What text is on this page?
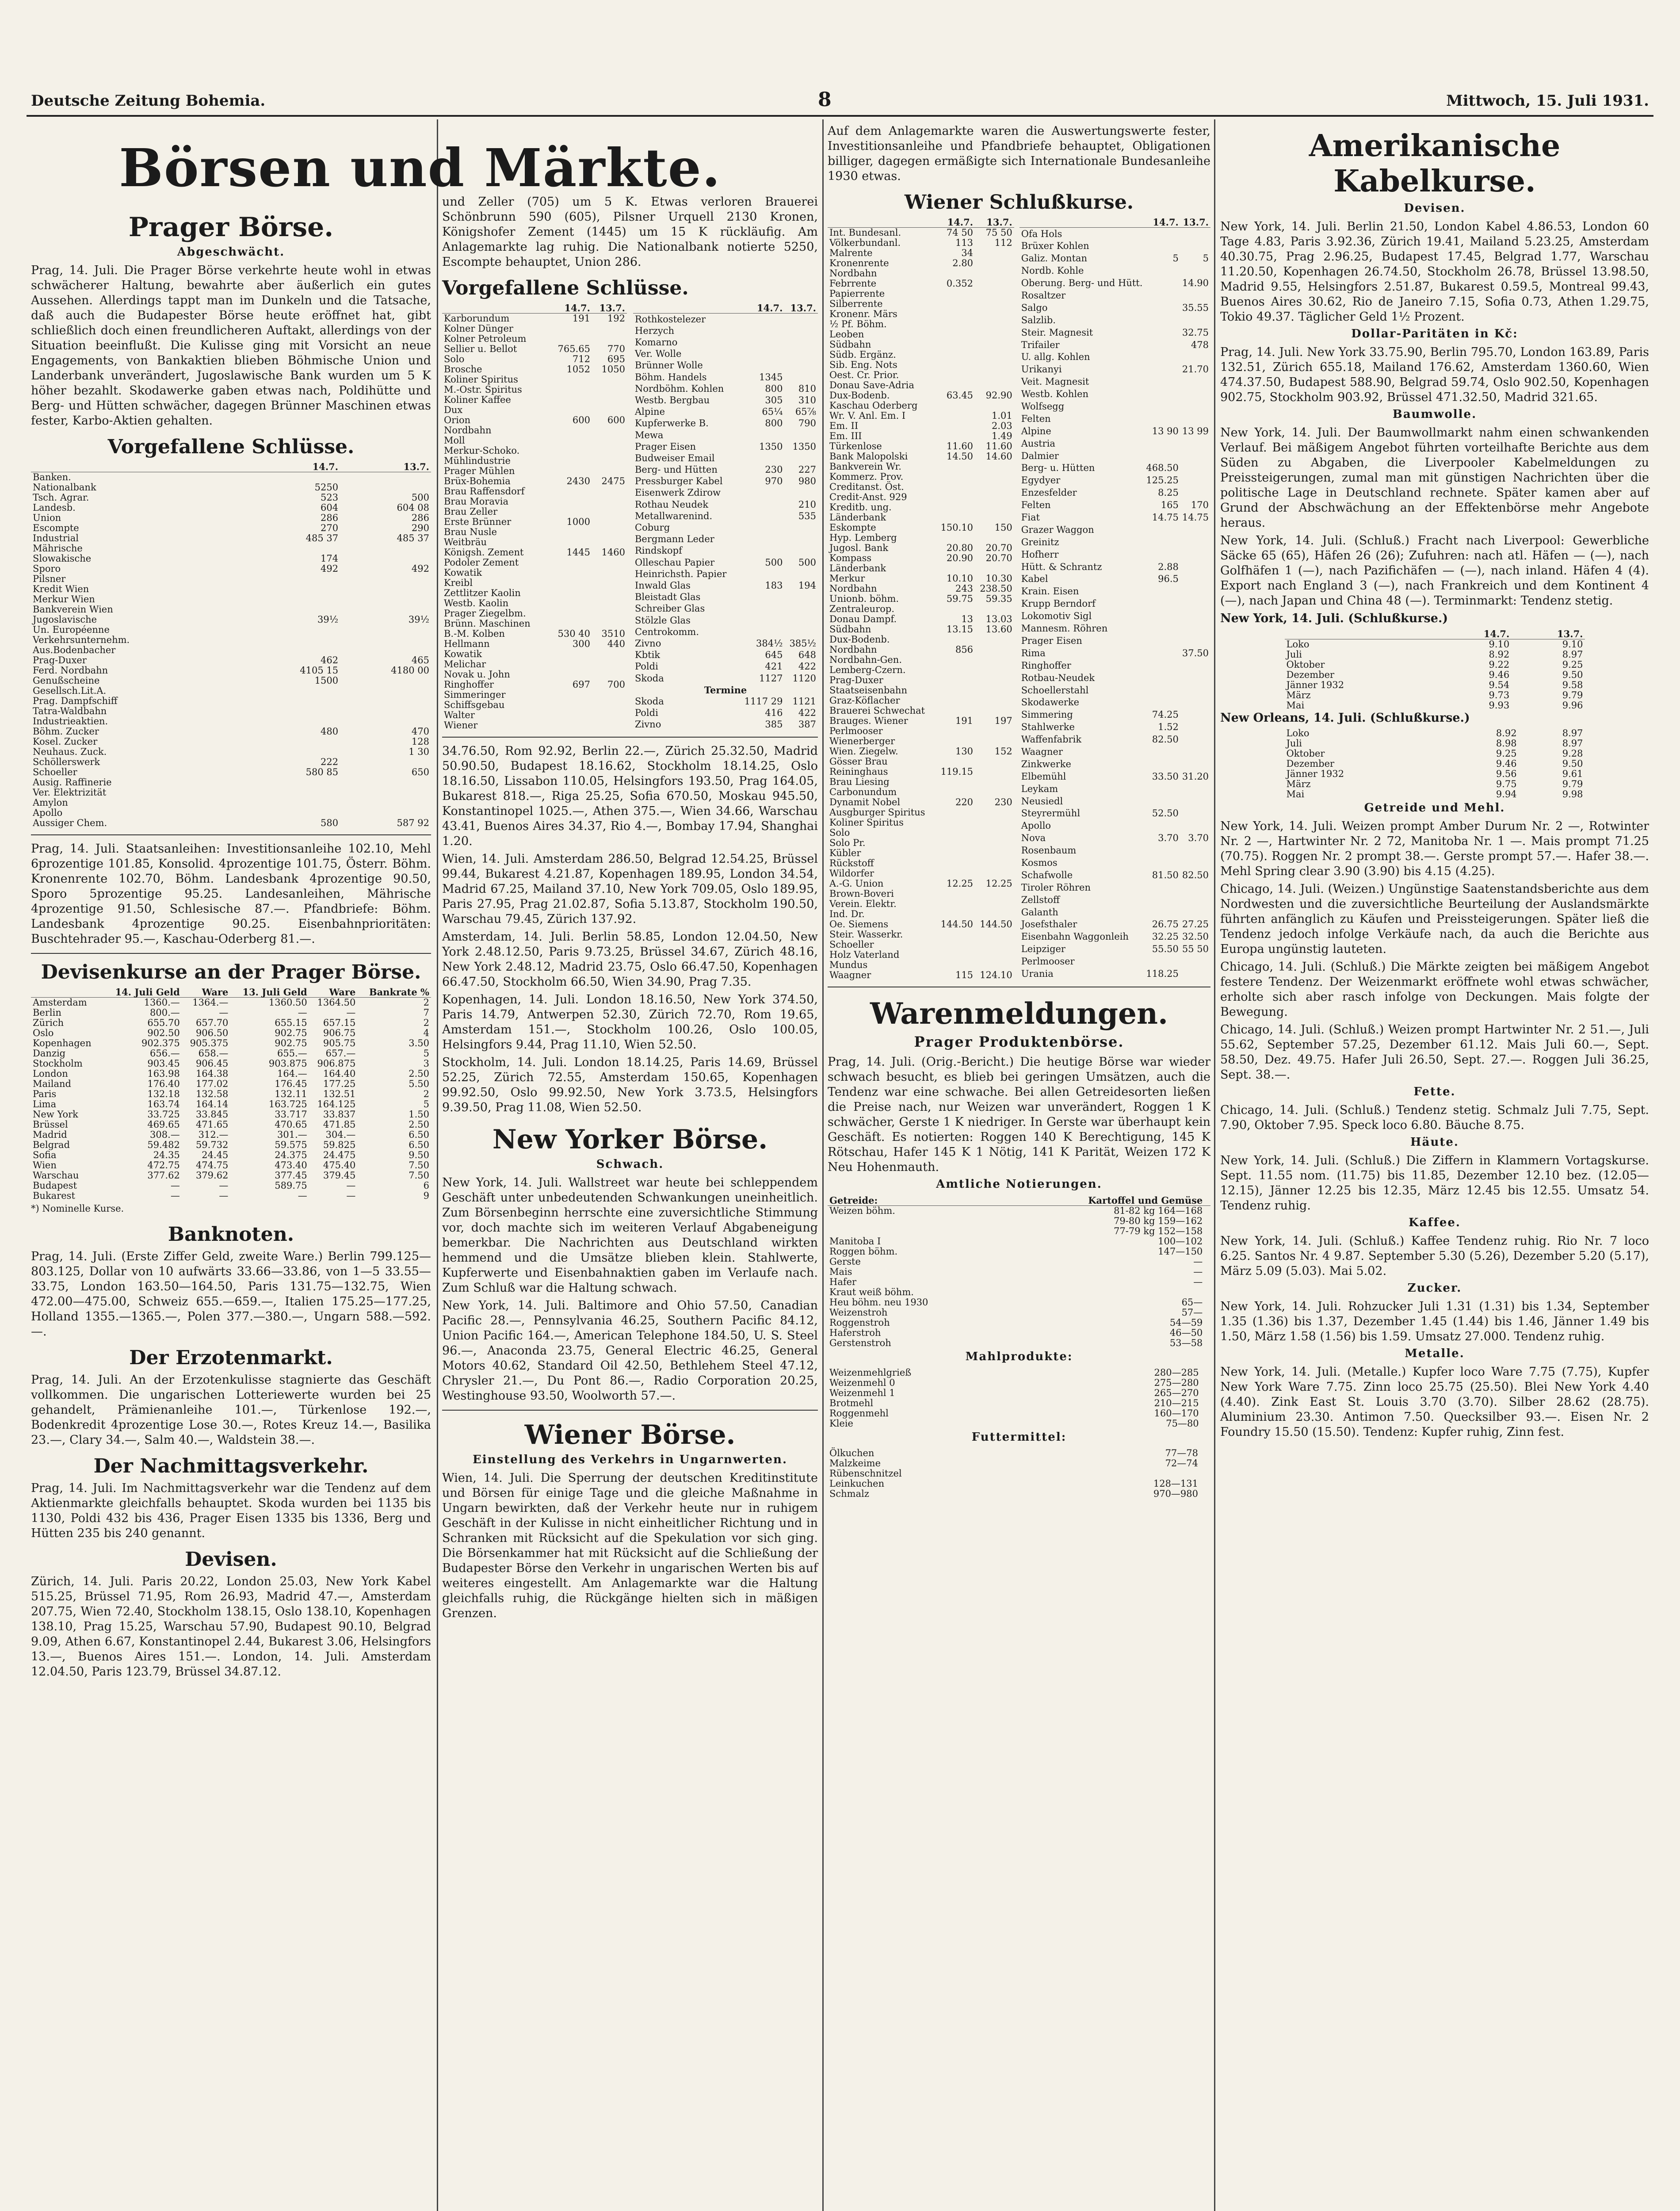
Deutsche Zeitung Bohemia.	8	Mittwoch, 15. Juli 1931.
Börsen und Märkte.
Prager Börse.
Abgeschwächt.
Prag, 14. Juli. Die Prager Börse verkehrte heute wohl in etwas schwächerer Haltung, bewahrte aber äußerlich ein gutes Aussehen. Allerdings tappt man im Dunkeln und die Tatsache, daß auch die Budapester Börse heute eröffnet hat, gibt schließlich doch einen freundlicheren Auftakt, allerdings von der Situation beeinflußt. Die Kulisse ging mit Vorsicht an neue Engagements, von Bankaktien blieben Böhmische Union und Landerbank unverändert, Jugoslawische Bank wurden um 5 K höher bezahlt. Skodawerke gaben etwas nach, Poldihütte und Berg- und Hütten schwächer, dagegen Brünner Maschinen etwas fester, Karbo-Aktien gehalten.
Vorgefallene Schlüsse.
	14.7.	13.7.
Banken.		
Nationalbank	5250	
Tsch. Agrar.	523	500
Landesb.	604	604 08
Union	286	286
Escompte	270	290
Industrial	485 37	485 37
Mährische		
Slowakische	174	
Sporo	492	492
Pilsner		
Kredit Wien		
Merkur Wien		
Bankverein Wien		
Jugoslavische	39½	39½
Un. Européenne		
Verkehrsunternehm.		
Aus.Bodenbacher		
Prag-Duxer	462	465
Ferd. Nordbahn	4105 15	4180 00
Genußscheine	1500	
Gesellsch.Lit.A.		
Prag. Dampfschiff		
Tatra-Waldbahn		
Industrieaktien.		
Böhm. Zucker	480	470
Kosel. Zucker		128
Neuhaus. Zuck.		1 30
Schöllerswerk	222	
Schoeller	580 85	650
Ausig. Raffinerie		
Ver. Elektrizität		
Amylon		
Apollo		
Aussiger Chem.	580	587 92
Prag, 14. Juli. Staatsanleihen: Investitionsanleihe 102.10, Mehl 6prozentige 101.85, Konsolid. 4prozentige 101.75, Österr. Böhm. Kronenrente 102.70, Böhm. Landesbank 4prozentige 90.50, Sporo 5prozentige 95.25. Landesanleihen, Mährische 4prozentige 91.50, Schlesische 87.—. Pfandbriefe: Böhm. Landesbank 4prozentige 90.25. Eisenbahnprioritäten: Buschtehrader 95.—, Kaschau-Oderberg 81.—.
Devisenkurse an der Prager Börse.
	14. Juli Geld	Ware	13. Juli Geld	Ware	Bankrate %
Amsterdam	1360.—	1364.—	1360.50	1364.50	2
Berlin	800.—	—	—	—	7
Zürich	655.70	657.70	655.15	657.15	2
Oslo	902.50	906.50	902.75	906.75	4
Kopenhagen	902.375	905.375	902.75	905.75	3.50
Danzig	656.—	658.—	655.—	657.—	5
Stockholm	903.45	906.45	903.875	906.875	3
London	163.98	164.38	164.—	164.40	2.50
Mailand	176.40	177.02	176.45	177.25	5.50
Paris	132.18	132.58	132.11	132.51	2
Lima	163.74	164.14	163.725	164.125	5
New York	33.725	33.845	33.717	33.837	1.50
Brüssel	469.65	471.65	470.65	471.85	2.50
Madrid	308.—	312.—	301.—	304.—	6.50
Belgrad	59.482	59.732	59.575	59.825	6.50
Sofia	24.35	24.45	24.375	24.475	9.50
Wien	472.75	474.75	473.40	475.40	7.50
Warschau	377.62	379.62	377.45	379.45	7.50
Budapest	—	—	589.75	—	6
Bukarest	—	—	—	—	9
*) Nominelle Kurse.
Banknoten.
Prag, 14. Juli. (Erste Ziffer Geld, zweite Ware.) Berlin 799.125—803.125, Dollar von 10 aufwärts 33.66—33.86, von 1—5 33.55—33.75, London 163.50—164.50, Paris 131.75—132.75, Wien 472.00—475.00, Schweiz 655.—659.—, Italien 175.25—177.25, Holland 1355.—1365.—, Polen 377.—380.—, Ungarn 588.—592.—.
Der Erzotenmarkt.
Prag, 14. Juli. An der Erzotenkulisse stagnierte das Geschäft vollkommen. Die ungarischen Lotteriewerte wurden bei 25 gehandelt, Prämienanleihe 101.—, Türkenlose 192.—, Bodenkredit 4prozentige Lose 30.—, Rotes Kreuz 14.—, Basilika 23.—, Clary 34.—, Salm 40.—, Waldstein 38.—.
Der Nachmittagsverkehr.
Prag, 14. Juli. Im Nachmittagsverkehr war die Tendenz auf dem Aktienmarkte gleichfalls behauptet. Skoda wurden bei 1135 bis 1130, Poldi 432 bis 436, Prager Eisen 1335 bis 1336, Berg und Hütten 235 bis 240 genannt.
Devisen.
Zürich, 14. Juli. Paris 20.22, London 25.03, New York Kabel 515.25, Brüssel 71.95, Rom 26.93, Madrid 47.—, Amsterdam 207.75, Wien 72.40, Stockholm 138.15, Oslo 138.10, Kopenhagen 138.10, Prag 15.25, Warschau 57.90, Budapest 90.10, Belgrad 9.09, Athen 6.67, Konstantinopel 2.44, Bukarest 3.06, Helsingfors 13.—, Buenos Aires 151.—. London, 14. Juli. Amsterdam 12.04.50, Paris 123.79, Brüssel 34.87.12.
und Zeller (705) um 5 K. Etwas verloren Brauerei Schönbrunn 590 (605), Pilsner Urquell 2130 Kronen, Königshofer Zement (1445) um 15 K rückläufig. Am Anlagemarkte lag ruhig. Die Nationalbank notierte 5250, Escompte behauptet, Union 286.
Vorgefallene Schlüsse.
	14.7.	13.7.
Karborundum	191	192
Kolner Dünger		
Kolner Petroleum		
Sellier u. Bellot	765.65	770
Solo	712	695
Brosche	1052	1050
Koliner Spiritus		
M.-Ostr. Spiritus		
Koliner Kaffee		
Dux		
Orion	600	600
Nordbahn		
Moll		
Merkur-Schoko.		
Mühlindustrie		
Prager Mühlen		
Brüx-Bohemia	2430	2475
Brau Raffensdorf		
Brau Moravia		
Brau Zeller		
Erste Brünner	1000	
Brau Nusle		
Weitbräu		
Königsh. Zement	1445	1460
Podoler Zement		
Kowatik		
Kreibl		
Zettlitzer Kaolin		
Westb. Kaolin		
Prager Ziegelbm.		
Brünn. Maschinen		
B.-M. Kolben	530 40	3510
Hellmann	300	440
Kowatik		
Melichar		
Novak u. John		
Ringhoffer	697	700
Simmeringer		
Schiffsgebau		
Walter		
Wiener		
	14.7.	13.7.
Rothkostelezer		
Herzych		
Komarno		
Ver. Wolle		
Brünner Wolle		
Böhm. Handels	1345	
Nordböhm. Kohlen	800	810
Westb. Bergbau	305	310
Alpine	65¼	65⅞
Kupferwerke B.	800	790
Mewa		
Prager Eisen	1350	1350
Budweiser Email		
Berg- und Hütten	230	227
Pressburger Kabel	970	980
Eisenwerk Zdirow		
Rothau Neudek		210
Metallwarenind.		535
Coburg		
Bergmann Leder		
Rindskopf		
Olleschau Papier	500	500
Heinrichsth. Papier		
Inwald Glas	183	194
Bleistadt Glas		
Schreiber Glas		
Stölzle Glas		
Centrokomm.		
Zivno	384½	385½
Kbtik	645	648
Poldi	421	422
Skoda	1127	1120
Termine		
Skoda	1117 29	1121
Poldi	416	422
Zivno	385	387
34.76.50, Rom 92.92, Berlin 22.—, Zürich 25.32.50, Madrid 50.90.50, Budapest 18.16.62, Stockholm 18.14.25, Oslo 18.16.50, Lissabon 110.05, Helsingfors 193.50, Prag 164.05, Bukarest 818.—, Riga 25.25, Sofia 670.50, Moskau 945.50, Konstantinopel 1025.—, Athen 375.—, Wien 34.66, Warschau 43.41, Buenos Aires 34.37, Rio 4.—, Bombay 17.94, Shanghai 1.20.
Wien, 14. Juli. Amsterdam 286.50, Belgrad 12.54.25, Brüssel 99.44, Bukarest 4.21.87, Kopenhagen 189.95, London 34.54, Madrid 67.25, Mailand 37.10, New York 709.05, Oslo 189.95, Paris 27.95, Prag 21.02.87, Sofia 5.13.87, Stockholm 190.50, Warschau 79.45, Zürich 137.92.
Amsterdam, 14. Juli. Berlin 58.85, London 12.04.50, New York 2.48.12.50, Paris 9.73.25, Brüssel 34.67, Zürich 48.16, New York 2.48.12, Madrid 23.75, Oslo 66.47.50, Kopenhagen 66.47.50, Stockholm 66.50, Wien 34.90, Prag 7.35.
Kopenhagen, 14. Juli. London 18.16.50, New York 374.50, Paris 14.79, Antwerpen 52.30, Zürich 72.70, Rom 19.65, Amsterdam 151.—, Stockholm 100.26, Oslo 100.05, Helsingfors 9.44, Prag 11.10, Wien 52.50.
Stockholm, 14. Juli. London 18.14.25, Paris 14.69, Brüssel 52.25, Zürich 72.55, Amsterdam 150.65, Kopenhagen 99.92.50, Oslo 99.92.50, New York 3.73.5, Helsingfors 9.39.50, Prag 11.08, Wien 52.50.
New Yorker Börse.
Schwach.
New York, 14. Juli. Wallstreet war heute bei schleppendem Geschäft unter unbedeutenden Schwankungen uneinheitlich. Zum Börsenbeginn herrschte eine zuversichtliche Stimmung vor, doch machte sich im weiteren Verlauf Abgabeneigung bemerkbar. Die Nachrichten aus Deutschland wirkten hemmend und die Umsätze blieben klein. Stahlwerte, Kupferwerte und Eisenbahnaktien gaben im Verlaufe nach. Zum Schluß war die Haltung schwach.
New York, 14. Juli. Baltimore and Ohio 57.50, Canadian Pacific 28.—, Pennsylvania 46.25, Southern Pacific 84.12, Union Pacific 164.—, American Telephone 184.50, U. S. Steel 96.—, Anaconda 23.75, General Electric 46.25, General Motors 40.62, Standard Oil 42.50, Bethlehem Steel 47.12, Chrysler 21.—, Du Pont 86.—, Radio Corporation 20.25, Westinghouse 93.50, Woolworth 57.—.
Wiener Börse.
Einstellung des Verkehrs in Ungarnwerten.
Wien, 14. Juli. Die Sperrung der deutschen Kreditinstitute und Börsen für einige Tage und die gleiche Maßnahme in Ungarn bewirkten, daß der Verkehr heute nur in ruhigem Geschäft in der Kulisse in nicht einheitlicher Richtung und in Schranken mit Rücksicht auf die Spekulation vor sich ging. Die Börsenkammer hat mit Rücksicht auf die Schließung der Budapester Börse den Verkehr in ungarischen Werten bis auf weiteres eingestellt. Am Anlagemarkte war die Haltung gleichfalls ruhig, die Rückgänge hielten sich in mäßigen Grenzen.
Auf dem Anlagemarkte waren die Auswertungswerte fester, Investitionsanleihe und Pfandbriefe behauptet, Obligationen billiger, dagegen ermäßigte sich Internationale Bundesanleihe 1930 etwas.
Wiener Schlußkurse.
	14.7.	13.7.
Int. Bundesanl.	74 50	75 50
Völkerbundanl.	113	112
Malrente	34	
Kronenrente	2.80	
Nordbahn		
Febrrente	0.352	
Papierrente		
Silberrente		
Kronenr. Märs		
½ Pf. Böhm.		
Leoben		
Südbahn		
Südb. Ergänz.		
Sib. Eng. Nots		
Oest. Cr. Prior.		
Donau Save-Adria		
Dux-Bodenb.	63.45	92.90
Kaschau Oderberg		
Wr. V. Anl. Em. I		1.01
Em. II		2.03
Em. III		1.49
Türkenlose	11.60	11.60
Bank Malopolski	14.50	14.60
Bankverein Wr.		
Kommerz. Prov.		
Creditanst. Öst.		
Credit-Anst. 929		
Kreditb. ung.		
Länderbank		
Eskompte	150.10	150
Hyp. Lemberg		
Jugosl. Bank	20.80	20.70
Kompass	20.90	20.70
Länderbank		
Merkur	10.10	10.30
Nordbahn	243	238.50
Unionb. böhm.	59.75	59.35
Zentraleurop.		
Donau Dampf.	13	13.03
Südbahn	13.15	13.60
Dux-Bodenb.		
Nordbahn	856	
Nordbahn-Gen.		
Lemberg-Czern.		
Prag-Duxer		
Staatseisenbahn		
Graz-Köflacher		
Brauerei Schwechat		
Brauges. Wiener	191	197
Perlmooser		
Wienerberger		
Wien. Ziegelw.	130	152
Gösser Brau		
Reininghaus	119.15	
Brau Liesing		
Carbonundum		
Dynamit Nobel	220	230
Ausgburger Spiritus		
Koliner Spiritus		
Solo		
Solo Pr.		
Kübler		
Rückstoff		
Wildorfer		
A.-G. Union	12.25	12.25
Brown-Boveri		
Verein. Elektr.		
Ind. Dr.		
Oe. Siemens	144.50	144.50
Steir. Wasserkr.		
Schoeller		
Holz Vaterland		
Mundus		
Waagner	115	124.10
	14.7.	13.7.
Ofa Hols		
Brüxer Kohlen		
Galiz. Montan	5	5
Nordb. Kohle		
Oberung. Berg- und Hütt.		14.90
Rosaltzer		
Salgo		35.55
Salzlib.		
Steir. Magnesit		32.75
Trifailer		478
U. allg. Kohlen		
Urikanyi		21.70
Veit. Magnesit		
Westb. Kohlen		
Wolfsegg		
Felten		
Alpine	13 90	13 99
Austria		
Dalmier		
Berg- u. Hütten	468.50	
Egydyer	125.25	
Enzesfelder	8.25	
Felten	165	170
Fiat	14.75	14.75
Grazer Waggon		
Greinitz		
Hofherr		
Hütt. & Schrantz	2.88	
Kabel	96.5	
Krain. Eisen		
Krupp Berndorf		
Lokomotiv Sigl		
Mannesm. Röhren		
Prager Eisen		
Rima		37.50
Ringhoffer		
Rotbau-Neudek		
Schoellerstahl		
Skodawerke		
Simmering	74.25	
Stahlwerke	1.52	
Waffenfabrik	82.50	
Waagner		
Zinkwerke		
Elbemühl	33.50	31.20
Leykam		
Neusiedl		
Steyrermühl	52.50	
Apollo		
Nova	3.70	3.70
Rosenbaum		
Kosmos		
Schafwolle	81.50	82.50
Tiroler Röhren		
Zellstoff		
Galanth		
Josefsthaler	26.75	27.25
Eisenbahn Waggonleih	32.25	32.50
Leipziger	55.50	55 50
Perlmooser		
Urania	118.25	
Warenmeldungen.
Prager Produktenbörse.
Prag, 14. Juli. (Orig.-Bericht.) Die heutige Börse war wieder schwach besucht, es blieb bei geringen Umsätzen, auch die Tendenz war eine schwache. Bei allen Getreidesorten ließen die Preise nach, nur Weizen war unverändert, Roggen 1 K schwächer, Gerste 1 K niedriger. In Gerste war überhaupt kein Geschäft. Es notierten: Roggen 140 K Berechtigung, 145 K Rötschau, Hafer 145 K 1 Nötig, 141 K Parität, Weizen 172 K Neu Hohenmauth.
Amtliche Notierungen.
Getreide:	Kartoffel und Gemüse	
Weizen böhm.	81-82 kg 164—168	
	79-80 kg 159—162	
	77-79 kg 152—158	
Manitoba I	100—102	
Roggen böhm.	147—150	
Gerste	—	
Mais	—	
Hafer	—	
Kraut weiß böhm.		
Heu böhm. neu 1930	65—	
Weizenstroh	57—	
Roggenstroh	54—59	
Haferstroh	46—50	
Gerstenstroh	53—58	
Mahlprodukte:
Weizenmehlgrieß	280—285	
Weizenmehl 0	275—280	
Weizenmehl 1	265—270	
Brotmehl	210—215	
Roggenmehl	160—170	
Kleie	75—80	
Futtermittel:
Ölkuchen	77—78	
Malzkeime	72—74	
Rübenschnitzel		
Leinkuchen	128—131	
Schmalz	970—980	
Amerikanische Kabelkurse.
Devisen.
New York, 14. Juli. Berlin 21.50, London Kabel 4.86.53, London 60 Tage 4.83, Paris 3.92.36, Zürich 19.41, Mailand 5.23.25, Amsterdam 40.30.75, Prag 2.96.25, Budapest 17.45, Belgrad 1.77, Warschau 11.20.50, Kopenhagen 26.74.50, Stockholm 26.78, Brüssel 13.98.50, Madrid 9.55, Helsingfors 2.51.87, Bukarest 0.59.5, Montreal 99.43, Buenos Aires 30.62, Rio de Janeiro 7.15, Sofia 0.73, Athen 1.29.75, Tokio 49.37. Täglicher Geld 1½ Prozent.
Dollar-Paritäten in Kč:
Prag, 14. Juli. New York 33.75.90, Berlin 795.70, London 163.89, Paris 132.51, Zürich 655.18, Mailand 176.62, Amsterdam 1360.60, Wien 474.37.50, Budapest 588.90, Belgrad 59.74, Oslo 902.50, Kopenhagen 902.75, Stockholm 903.92, Brüssel 471.32.50, Madrid 321.65.
Baumwolle.
New York, 14. Juli. Der Baumwollmarkt nahm einen schwankenden Verlauf. Bei mäßigem Angebot führten vorteilhafte Berichte aus dem Süden zu Abgaben, die Liverpooler Kabelmeldungen zu Preissteigerungen, zumal man mit günstigen Nachrichten über die politische Lage in Deutschland rechnete. Später kamen aber auf Grund der Abschwächung an der Effektenbörse mehr Angebote heraus.
New York, 14. Juli. (Schluß.) Fracht nach Liverpool: Gewerbliche Säcke 65 (65), Häfen 26 (26); Zufuhren: nach atl. Häfen — (—), nach Golfhäfen 1 (—), nach Pazifichäfen — (—), nach inland. Häfen 4 (4). Export nach England 3 (—), nach Frankreich und dem Kontinent 4 (—), nach Japan und China 48 (—). Terminmarkt: Tendenz stetig.
New York, 14. Juli. (Schlußkurse.)
	14.7.	13.7.
Loko	9.10	9.10
Juli	8.92	8.97
Oktober	9.22	9.25
Dezember	9.46	9.50
Jänner 1932	9.54	9.58
März	9.73	9.79
Mai	9.93	9.96
New Orleans, 14. Juli. (Schlußkurse.)
Loko	8.92	8.97
Juli	8.98	8.97
Oktober	9.25	9.28
Dezember	9.46	9.50
Jänner 1932	9.56	9.61
März	9.75	9.79
Mai	9.94	9.98
Getreide und Mehl.
New York, 14. Juli. Weizen prompt Amber Durum Nr. 2 —, Rotwinter Nr. 2 —, Hartwinter Nr. 2 72, Manitoba Nr. 1 —. Mais prompt 71.25 (70.75). Roggen Nr. 2 prompt 38.—. Gerste prompt 57.—. Hafer 38.—. Mehl Spring clear 3.90 (3.90) bis 4.15 (4.25).
Chicago, 14. Juli. (Weizen.) Ungünstige Saatenstandsberichte aus dem Nordwesten und die zuversichtliche Beurteilung der Auslandsmärkte führten anfänglich zu Käufen und Preissteigerungen. Später ließ die Tendenz jedoch infolge Verkäufe nach, da auch die Berichte aus Europa ungünstig lauteten.
Chicago, 14. Juli. (Schluß.) Die Märkte zeigten bei mäßigem Angebot festere Tendenz. Der Weizenmarkt eröffnete wohl etwas schwächer, erholte sich aber rasch infolge von Deckungen. Mais folgte der Bewegung.
Chicago, 14. Juli. (Schluß.) Weizen prompt Hartwinter Nr. 2 51.—, Juli 55.62, September 57.25, Dezember 61.12. Mais Juli 60.—, Sept. 58.50, Dez. 49.75. Hafer Juli 26.50, Sept. 27.—. Roggen Juli 36.25, Sept. 38.—.
Fette.
Chicago, 14. Juli. (Schluß.) Tendenz stetig. Schmalz Juli 7.75, Sept. 7.90, Oktober 7.95. Speck loco 6.80. Bäuche 8.75.
Häute.
New York, 14. Juli. (Schluß.) Die Ziffern in Klammern Vortagskurse. Sept. 11.55 nom. (11.75) bis 11.85, Dezember 12.10 bez. (12.05—12.15), Jänner 12.25 bis 12.35, März 12.45 bis 12.55. Umsatz 54. Tendenz ruhig.
Kaffee.
New York, 14. Juli. (Schluß.) Kaffee Tendenz ruhig. Rio Nr. 7 loco 6.25. Santos Nr. 4 9.87. September 5.30 (5.26), Dezember 5.20 (5.17), März 5.09 (5.03). Mai 5.02.
Zucker.
New York, 14. Juli. Rohzucker Juli 1.31 (1.31) bis 1.34, September 1.35 (1.36) bis 1.37, Dezember 1.45 (1.44) bis 1.46, Jänner 1.49 bis 1.50, März 1.58 (1.56) bis 1.59. Umsatz 27.000. Tendenz ruhig.
Metalle.
New York, 14. Juli. (Metalle.) Kupfer loco Ware 7.75 (7.75), Kupfer New York Ware 7.75. Zinn loco 25.75 (25.50). Blei New York 4.40 (4.40). Zink East St. Louis 3.70 (3.70). Silber 28.62 (28.75). Aluminium 23.30. Antimon 7.50. Quecksilber 93.—. Eisen Nr. 2 Foundry 15.50 (15.50). Tendenz: Kupfer ruhig, Zinn fest.
